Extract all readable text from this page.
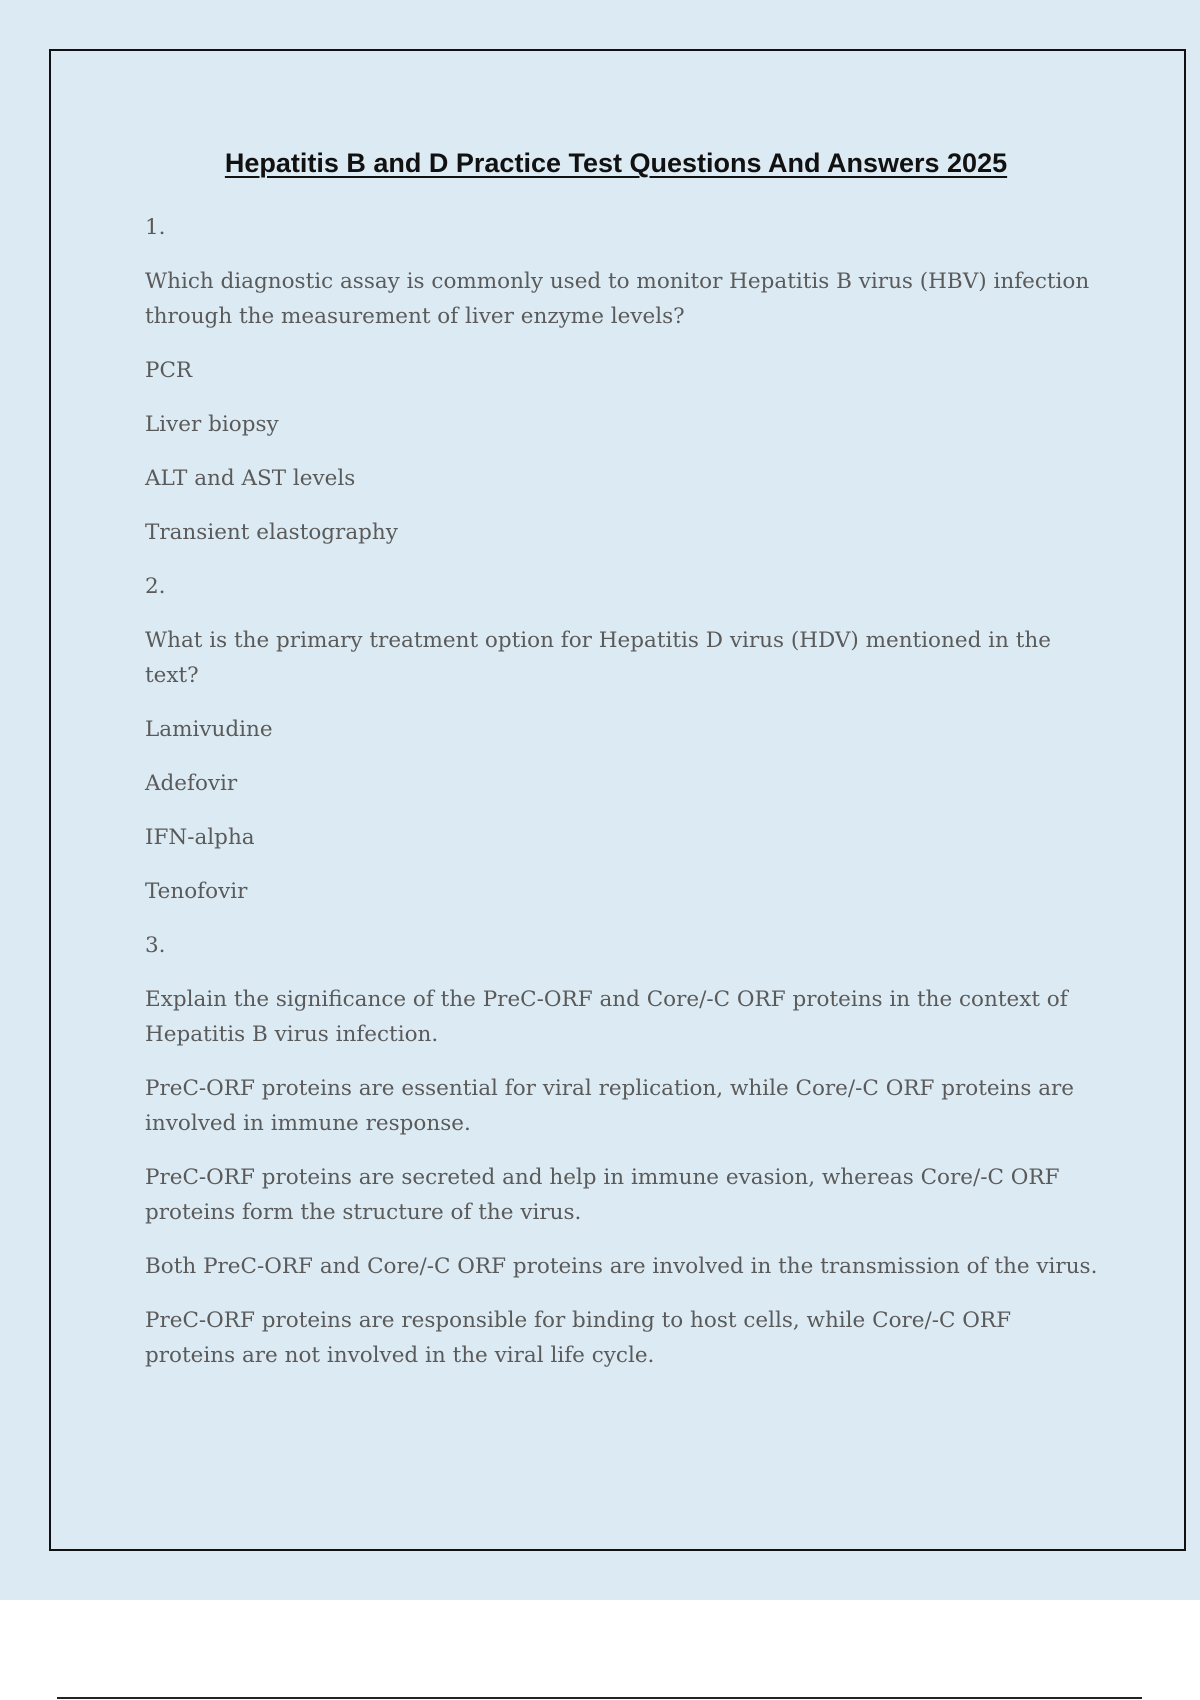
Hepatitis B and D Practice Test Questions And Answers 2025

1.

Which diagnostic assay is commonly used to monitor Hepatitis B virus (HBV) infection through the measurement of liver enzyme levels?

PCR

Liver biopsy

ALT and AST levels

Transient elastography

2.

What is the primary treatment option for Hepatitis D virus (HDV) mentioned in the text?

Lamivudine

Adefovir

IFN-alpha

Tenofovir

3.

Explain the significance of the PreC-ORF and Core/-C ORF proteins in the context of Hepatitis B virus infection.

PreC-ORF proteins are essential for viral replication, while Core/-C ORF proteins are involved in immune response.

PreC-ORF proteins are secreted and help in immune evasion, whereas Core/-C ORF proteins form the structure of the virus.

Both PreC-ORF and Core/-C ORF proteins are involved in the transmission of the virus.

PreC-ORF proteins are responsible for binding to host cells, while Core/-C ORF proteins are not involved in the viral life cycle.
